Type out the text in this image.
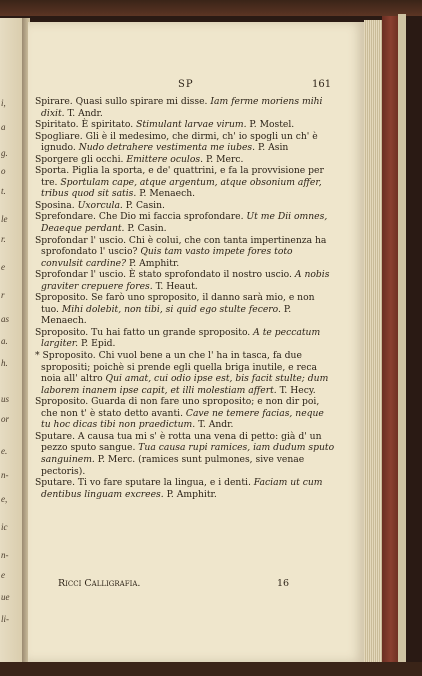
i,
a
g.
o
t.
le
r.
e
r
as
a.
h.
us
or
e.
n-
e,
ic
n-
e
ue
li-
SP	161
Spirare. Quasi sullo spirare mi disse. Iam ferme moriens mihi dixit. T. Andr.
Spiritato. È spiritato. Stimulant larvae virum. P. Mostel.
Spogliare. Gli è il medesimo, che dirmi, ch' io spogli un ch' è ignudo. Nudo detrahere vestimenta me iubes. P. Asin
Sporgere gli occhi. Emittere oculos. P. Merc.
Sporta. Piglia la sporta, e de' quattrini, e fa la provvisione per tre. Sportulam cape, atque argentum, atque obsonium affer, tribus quod sit satis. P. Menaech.
Sposina. Uxorcula. P. Casin.
Sprefondare. Che Dio mi faccia sprofondare. Ut me Dii omnes, Deaeque perdant. P. Casin.
Sprofondar l' uscio. Chi è colui, che con tanta impertinenza ha sprofondato l' uscio? Quis tam vasto impete fores toto convulsit cardine? P. Amphitr.
Sprofondar l' uscio. È stato sprofondato il nostro uscio. A nobis graviter crepuere fores. T. Heaut.
Sproposito. Se farò uno sproposito, il danno sarà mio, e non tuo. Mihi dolebit, non tibi, si quid ego stulte fecero. P. Menaech.
Sproposito. Tu hai fatto un grande sproposito. A te peccatum largiter. P. Epid.
* Sproposito. Chi vuol bene a un che l' ha in tasca, fa due spropositi; poichè si prende egli quella briga inutile, e reca noia all' altro Qui amat, cui odio ipse est, bis facit stulte; dum laborem inanem ipse capit, et illi molestiam affert. T. Hecy.
Sproposito. Guarda di non fare uno sproposito; e non dir poi, che non t' è stato detto avanti. Cave ne temere facias, neque tu hoc dicas tibi non praedictum. T. Andr.
Sputare. A causa tua mi s' è rotta una vena di petto: già d' un pezzo sputo sangue. Tua causa rupi ramices, iam dudum sputo sanguinem. P. Merc. (ramices sunt pulmones, sive venae pectoris).
Sputare. Ti vo fare sputare la lingua, e i denti. Faciam ut cum dentibus linguam excrees. P. Amphitr.
Ricci Calligrafia.	16
